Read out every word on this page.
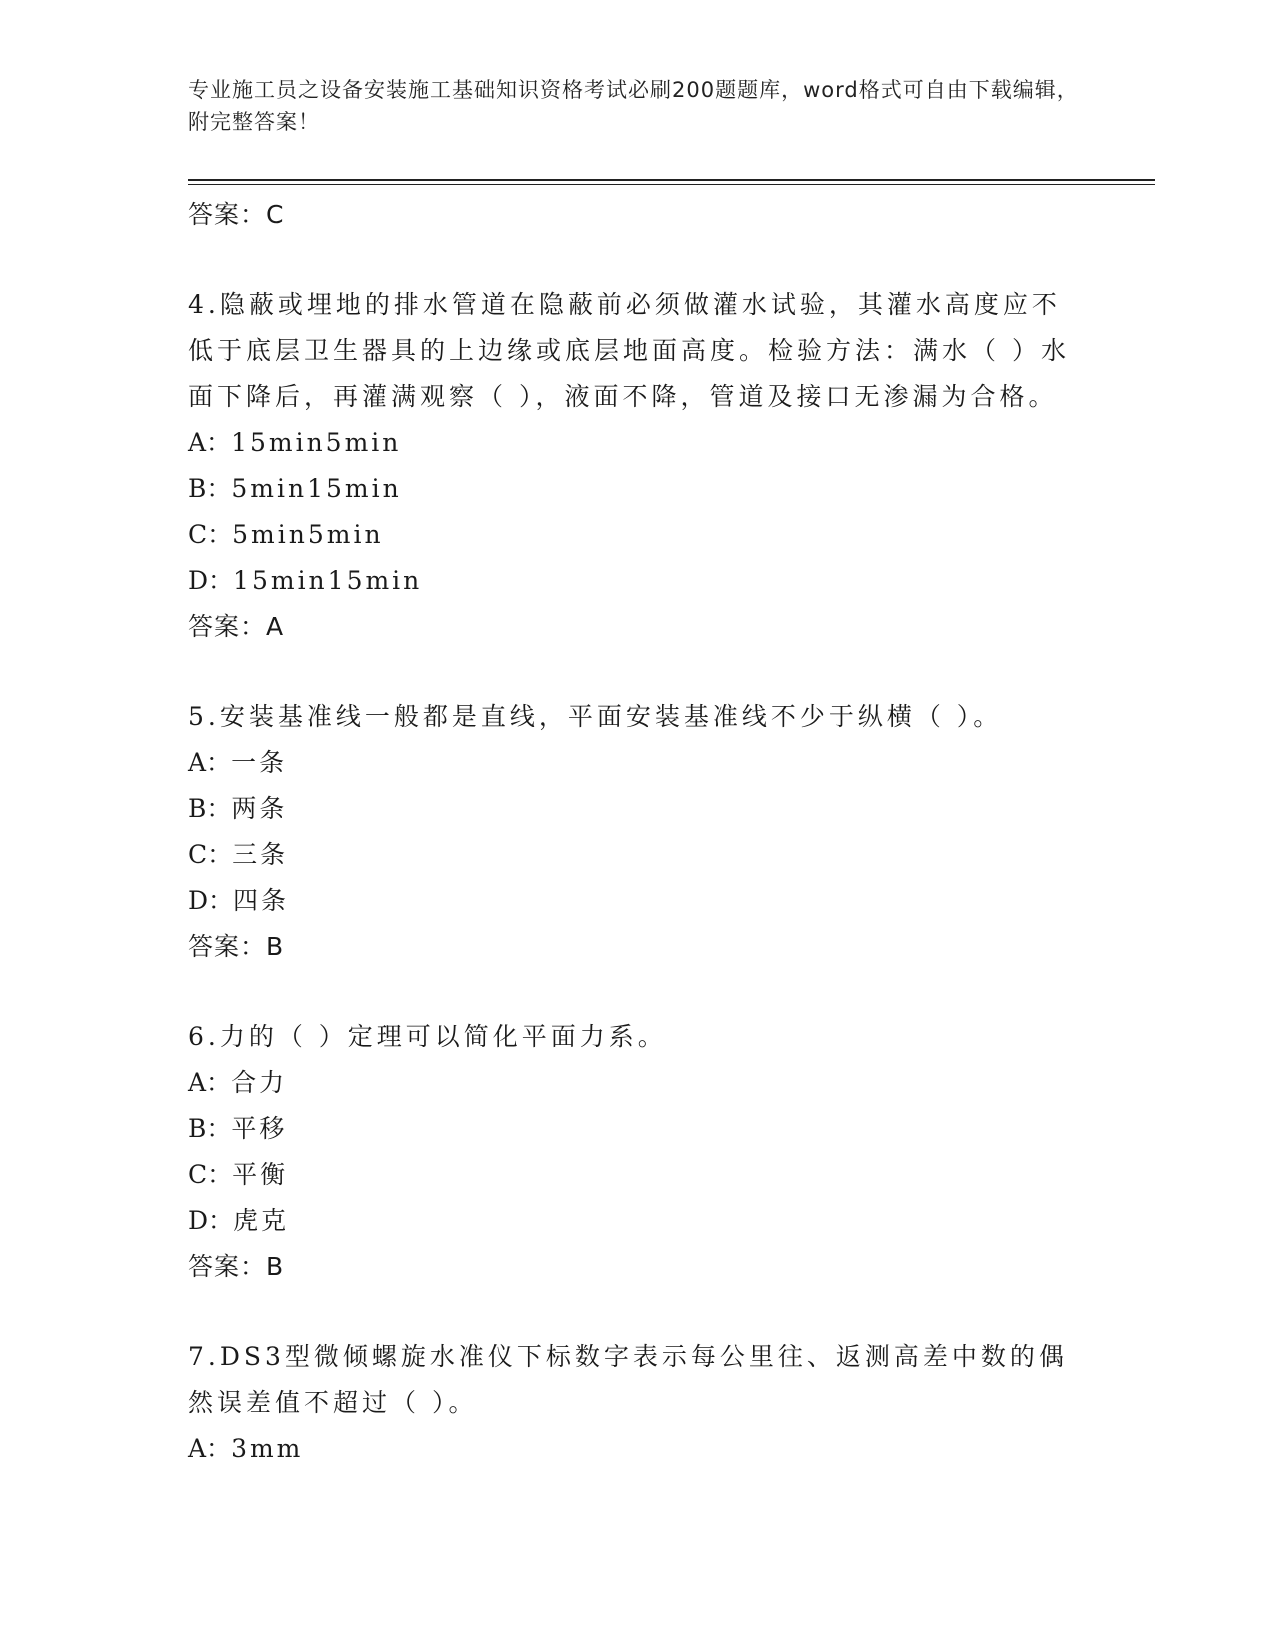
专业施工员之设备安装施工基础知识资格考试必刷200题题库，word格式可自由下载编辑，附完整答案！
答案：C
4.隐蔽或埋地的排水管道在隐蔽前必须做灌水试验，其灌水高度应不低于底层卫生器具的上边缘或底层地面高度。检验方法：满水（ ）水面下降后，再灌满观察（ ），液面不降，管道及接口无渗漏为合格。
A：15min5min
B：5min15min
C：5min5min
D：15min15min
答案：A
5.安装基准线一般都是直线，平面安装基准线不少于纵横（ ）。
A：一条
B：两条
C：三条
D：四条
答案：B
6.力的（ ）定理可以简化平面力系。
A：合力
B：平移
C：平衡
D：虎克
答案：B
7.DS3型微倾螺旋水准仪下标数字表示每公里往、返测高差中数的偶然误差值不超过（ ）。
A：3mm
